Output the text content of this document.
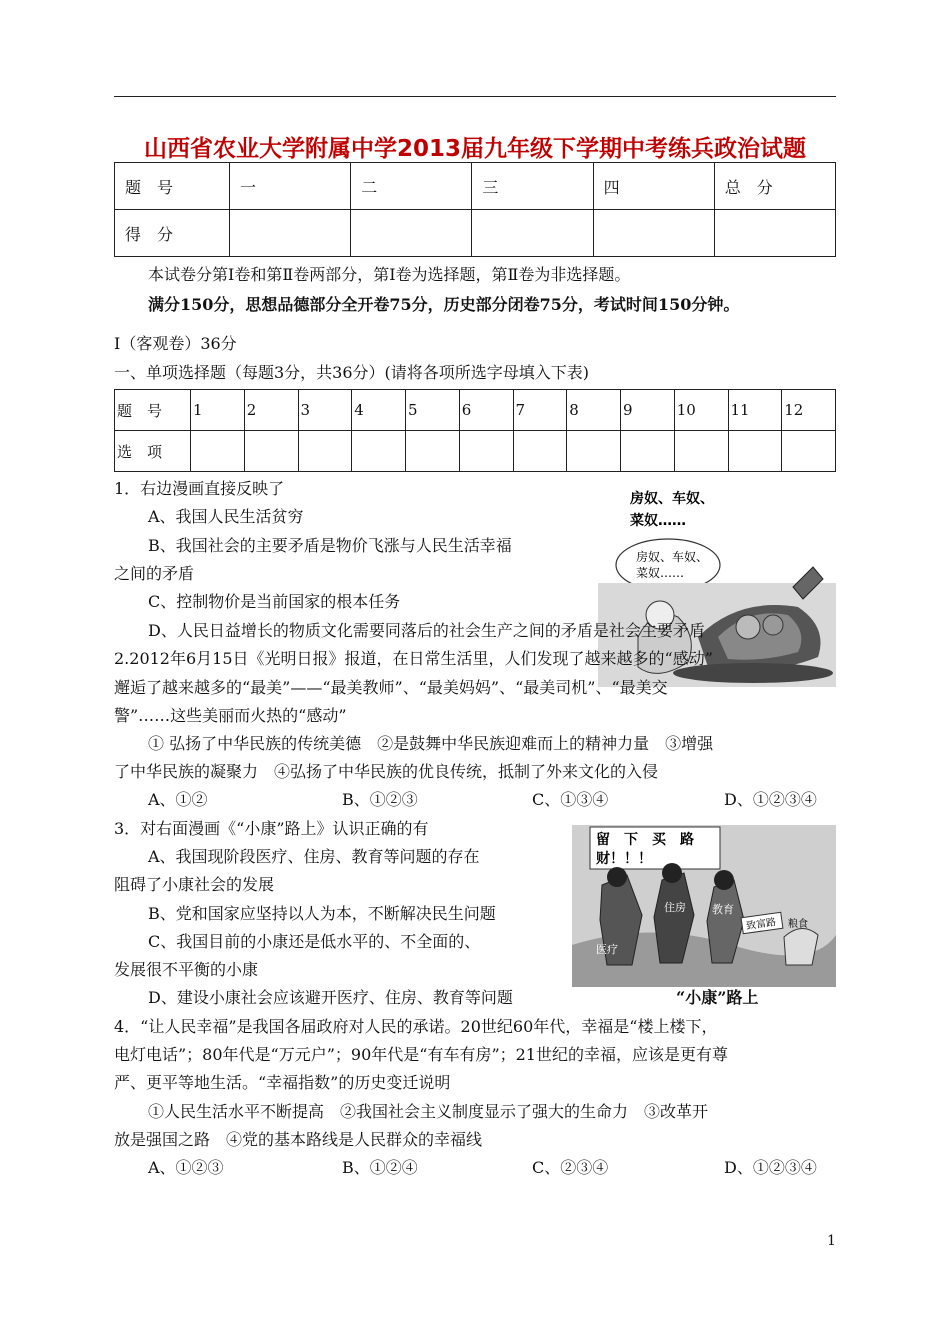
山西省农业大学附属中学2013届九年级下学期中考练兵政治试题
题　号	一	二	三	四	总　分
得　分					
本试卷分第Ⅰ卷和第Ⅱ卷两部分，第Ⅰ卷为选择题，第Ⅱ卷为非选择题。
满分150分，思想品德部分全开卷75分，历史部分闭卷75分，考试时间150分钟。
Ⅰ（客观卷）36分
一、单项选择题（每题3分，共36分）(请将各项所选字母填入下表)
题　号	1	2	3	4	5	6	7	8	9	10	11	12
选　项												
1．右边漫画直接反映了
A、我国人民生活贫穷
B、我国社会的主要矛盾是物价飞涨与人民生活幸福
之间的矛盾
C、控制物价是当前国家的根本任务
房奴、车奴、
菜奴……
房奴、车奴、
菜奴……
D、人民日益增长的物质文化需要同落后的社会生产之间的矛盾是社会主要矛盾
2.2012年6月15日《光明日报》报道，在日常生活里，人们发现了越来越多的“感动”
邂逅了越来越多的“最美”——“最美教师”、“最美妈妈”、“最美司机”、“最美交
警”……这些美丽而火热的“感动”
① 弘扬了中华民族的传统美德　②是鼓舞中华民族迎难而上的精神力量　③增强
了中华民族的凝聚力　④弘扬了中华民族的优良传统，抵制了外来文化的入侵
A、①②	B、①②③	C、①③④	D、①②③④
3．对右面漫画《“小康”路上》认识正确的有
A、我国现阶段医疗、住房、教育等问题的存在
阻碍了小康社会的发展
B、党和国家应坚持以人为本，不断解决民生问题
C、我国目前的小康还是低水平的、不全面的、
发展很不平衡的小康
D、建设小康社会应该避开医疗、住房、教育等问题
留　下　买　路
财！！！
住房 教育
医疗
致富路 粮食
“小康”路上
4．“让人民幸福”是我国各届政府对人民的承诺。20世纪60年代，幸福是“楼上楼下，
电灯电话”；80年代是“万元户”；90年代是“有车有房”；21世纪的幸福，应该是更有尊
严、更平等地生活。“幸福指数”的历史变迁说明
①人民生活水平不断提高　②我国社会主义制度显示了强大的生命力　③改革开
放是强国之路　④党的基本路线是人民群众的幸福线
A、①②③	B、①②④	C、②③④	D、①②③④
1
